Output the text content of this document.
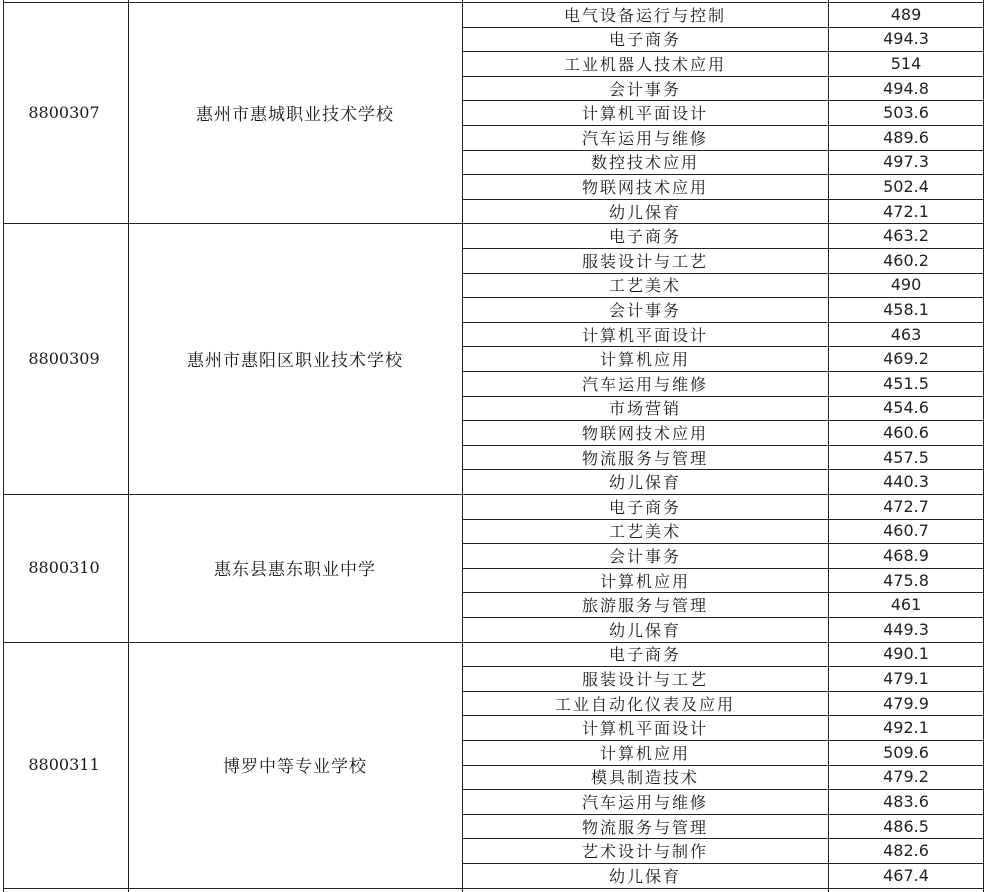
8800307	惠州市惠城职业技术学校
电气设备运行与控制	489
电子商务	494.3
工业机器人技术应用	514
会计事务	494.8
计算机平面设计	503.6
汽车运用与维修	489.6
数控技术应用	497.3
物联网技术应用	502.4
幼儿保育	472.1
8800309	惠州市惠阳区职业技术学校
电子商务	463.2
服装设计与工艺	460.2
工艺美术	490
会计事务	458.1
计算机平面设计	463
计算机应用	469.2
汽车运用与维修	451.5
市场营销	454.6
物联网技术应用	460.6
物流服务与管理	457.5
幼儿保育	440.3
8800310	惠东县惠东职业中学
电子商务	472.7
工艺美术	460.7
会计事务	468.9
计算机应用	475.8
旅游服务与管理	461
幼儿保育	449.3
8800311	博罗中等专业学校
电子商务	490.1
服装设计与工艺	479.1
工业自动化仪表及应用	479.9
计算机平面设计	492.1
计算机应用	509.6
模具制造技术	479.2
汽车运用与维修	483.6
物流服务与管理	486.5
艺术设计与制作	482.6
幼儿保育	467.4
